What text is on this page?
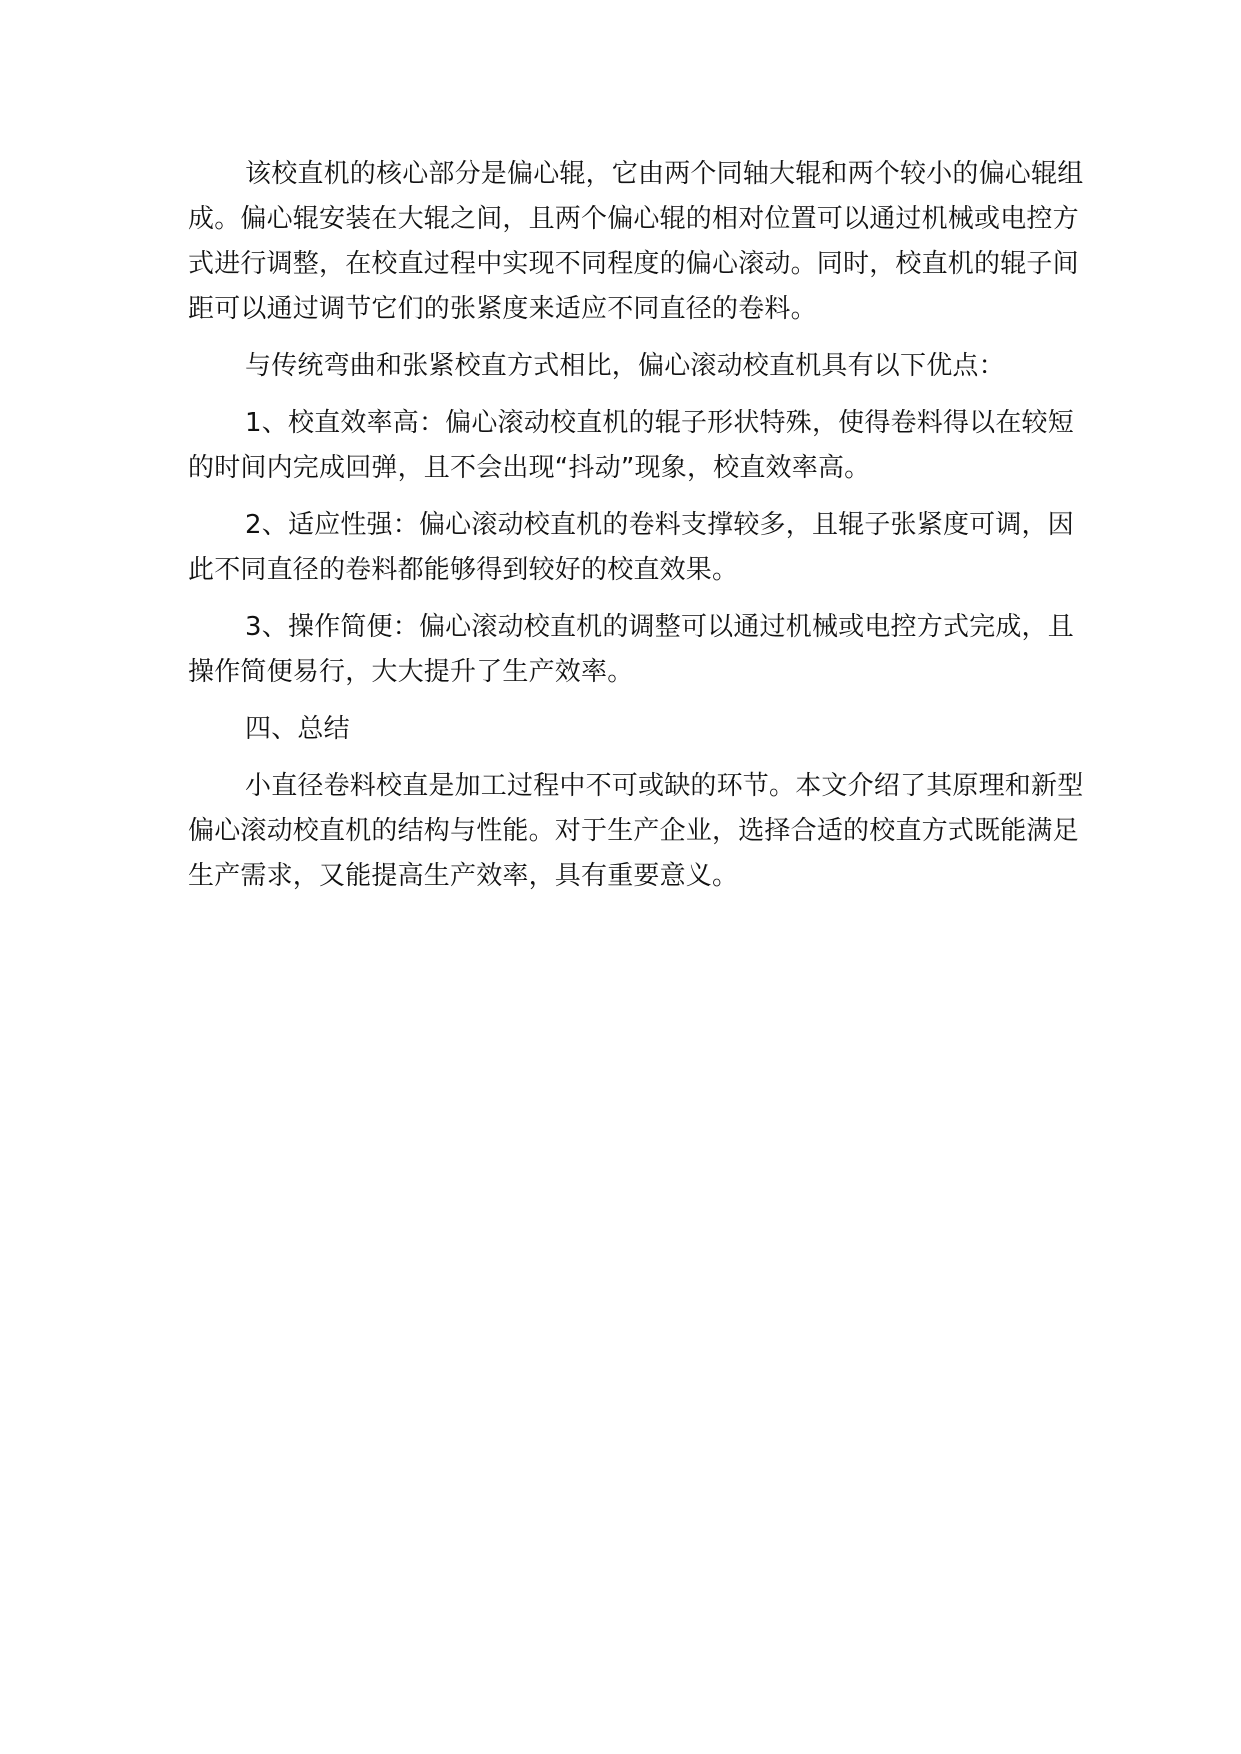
该校直机的核心部分是偏心辊，它由两个同轴大辊和两个较小的偏心辊组成。偏心辊安装在大辊之间，且两个偏心辊的相对位置可以通过机械或电控方式进行调整，在校直过程中实现不同程度的偏心滚动。同时，校直机的辊子间距可以通过调节它们的张紧度来适应不同直径的卷料。

与传统弯曲和张紧校直方式相比，偏心滚动校直机具有以下优点：

1、校直效率高：偏心滚动校直机的辊子形状特殊，使得卷料得以在较短的时间内完成回弹，且不会出现“抖动”现象，校直效率高。

2、适应性强：偏心滚动校直机的卷料支撑较多，且辊子张紧度可调，因此不同直径的卷料都能够得到较好的校直效果。

3、操作简便：偏心滚动校直机的调整可以通过机械或电控方式完成，且操作简便易行，大大提升了生产效率。

四、总结

小直径卷料校直是加工过程中不可或缺的环节。本文介绍了其原理和新型偏心滚动校直机的结构与性能。对于生产企业，选择合适的校直方式既能满足生产需求，又能提高生产效率，具有重要意义。
